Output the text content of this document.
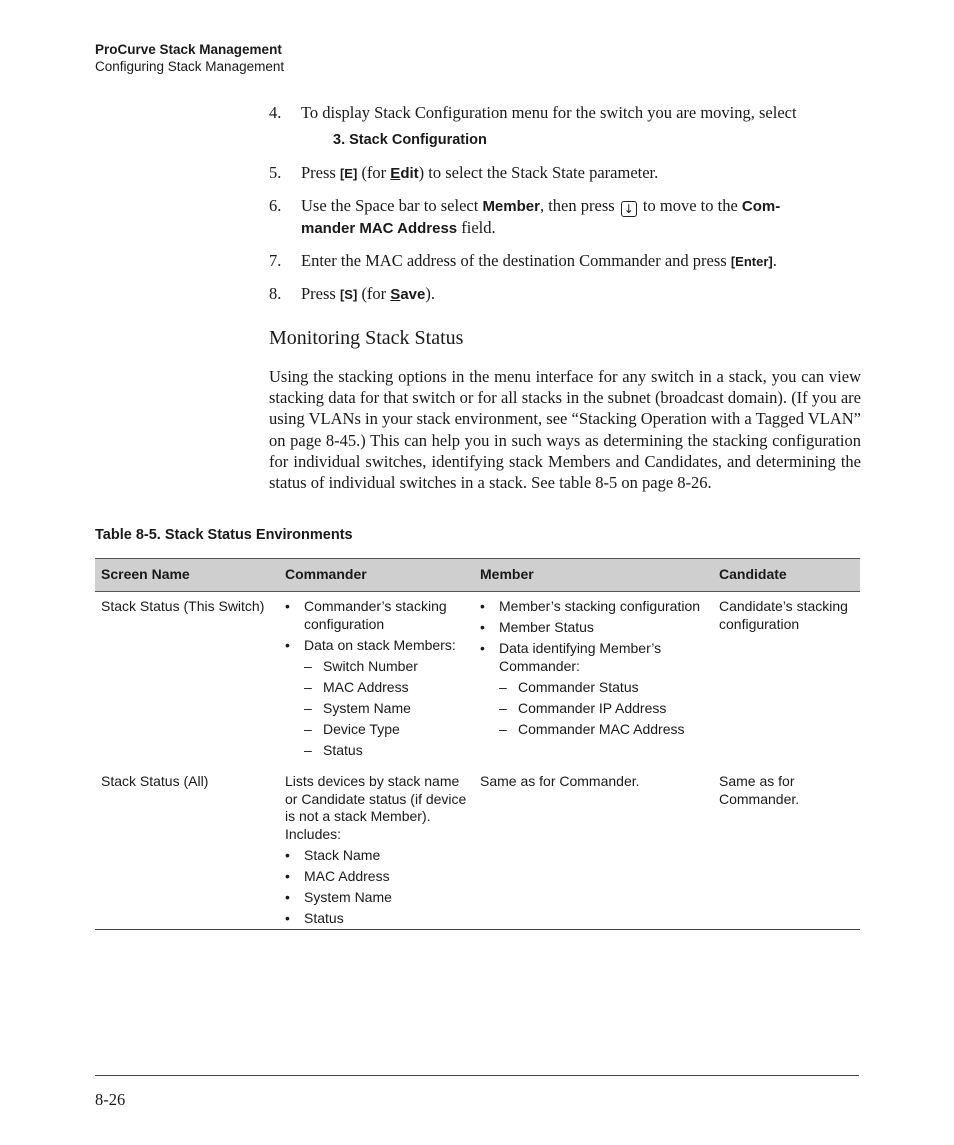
ProCurve Stack Management
Configuring Stack Management
4. To display Stack Configuration menu for the switch you are moving, select
3. Stack Configuration
5. Press [E] (for Edit) to select the Stack State parameter.
6. Use the Space bar to select Member, then press ↓ to move to the Com-
mander MAC Address field.
7. Enter the MAC address of the destination Commander and press [Enter].
8. Press [S] (for Save).
Monitoring Stack Status
Using the stacking options in the menu interface for any switch in a stack, you can view stacking data for that switch or for all stacks in the subnet (broadcast domain). (If you are using VLANs in your stack environment, see “Stacking Operation with a Tagged VLAN” on page 8-45.) This can help you in such ways as determining the stacking configuration for individual switches, identifying stack Members and Candidates, and determining the status of individual switches in a stack. See table 8-5 on page 8-26.
Table 8-5. Stack Status Environments
Screen Name	Commander	Member	Candidate
Stack Status (This Switch)
•	Commander’s stacking configuration
• Data on stack Members:
– Switch Number
– MAC Address
– System Name
– Device Type
– Status
• Member’s stacking configuration
• Member Status
• Data identifying Member’s Commander:
– Commander Status
– Commander IP Address
– Commander MAC Address
Candidate’s stacking configuration
Stack Status (All)	Lists devices by stack name or Candidate status (if device is not a stack Member). Includes:
• Stack Name
• MAC Address
• System Name
• Status
Same as for Commander.	Same as for Commander.
8-26
